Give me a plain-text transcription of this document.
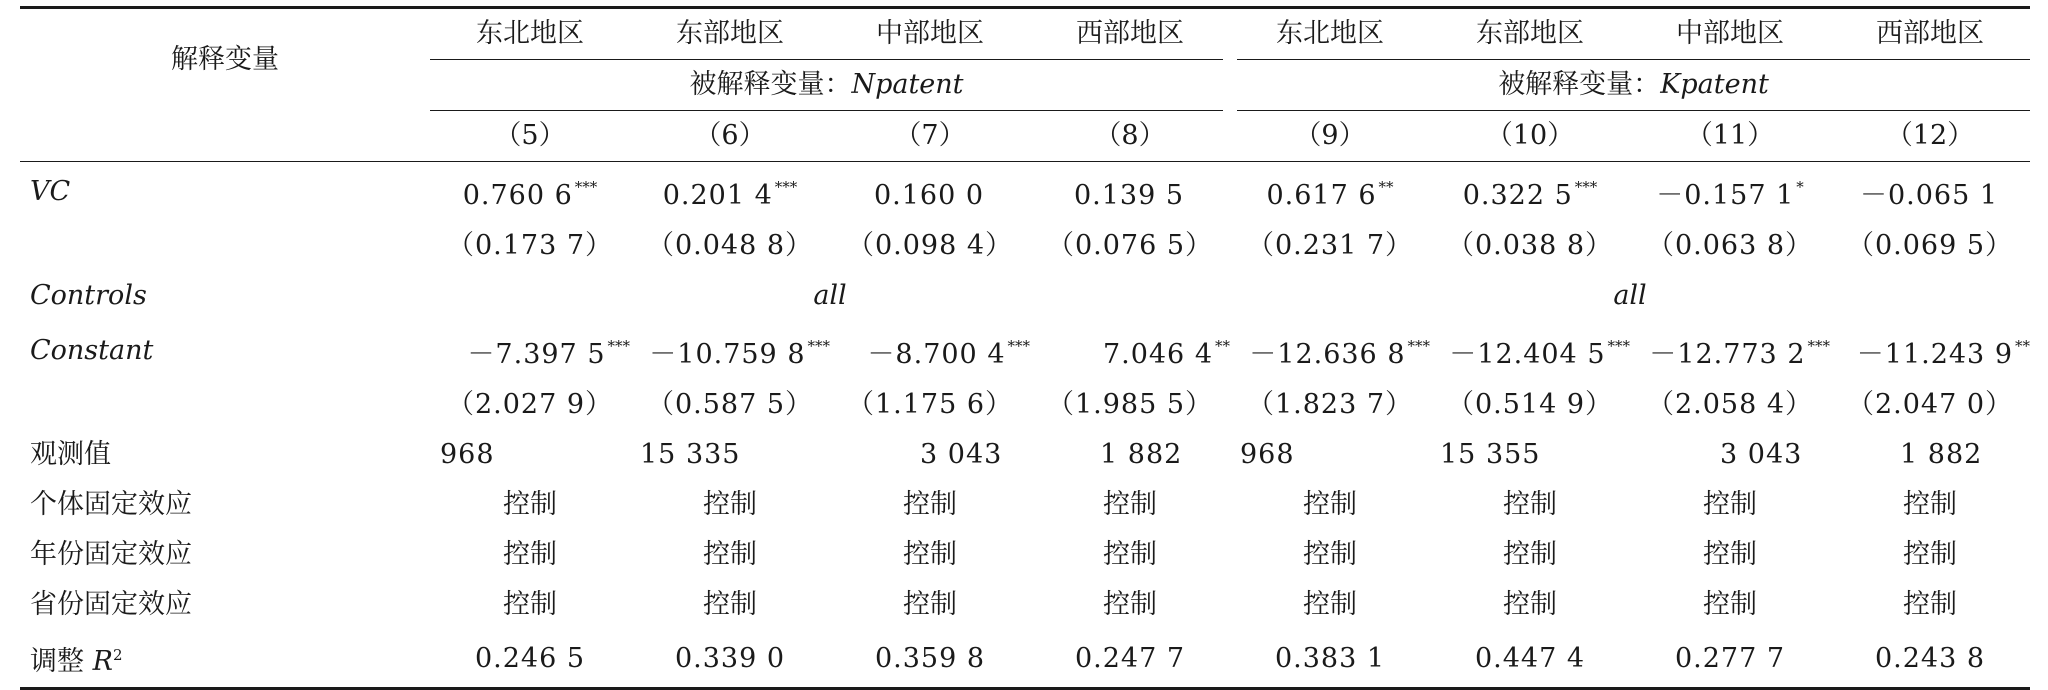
解释变量	东北地区	东部地区	中部地区	西部地区	东北地区	东部地区	中部地区	西部地区
	被解释变量：Npatent				被解释变量：Kpatent			
	（5）	（6）	（7）	（8）	（9）	（10）	（11）	（12）
VC	0.760 6 ***	0.201 4 ***	0.160 0	0.139 5	0.617 6 **	0.322 5 ***	－0.157 1 *	－0.065 1
	（0.173 7）	（0.048 8）	（0.098 4）	（0.076 5）	（0.231 7）	（0.038 8）	（0.063 8）	（0.069 5）
Controls	all				all			
Constant	－7.397 5 ***	－10.759 8 ***	－8.700 4 ***	7.046 4 **	－12.636 8 ***	－12.404 5 ***	－12.773 2 ***	－11.243 9 **
	（2.027 9）	（0.587 5）	（1.175 6）	（1.985 5）	（1.823 7）	（0.514 9）	（2.058 4）	（2.047 0）
观测值	968	15 335	3 043	1 882	968	15 355	3 043	1 882
个体固定效应	控制	控制	控制	控制	控制	控制	控制	控制
年份固定效应	控制	控制	控制	控制	控制	控制	控制	控制
省份固定效应	控制	控制	控制	控制	控制	控制	控制	控制
调整 $R^2$	0.246 5	0.339 0	0.359 8	0.247 7	0.383 1	0.447 4	0.277 7	0.243 8
